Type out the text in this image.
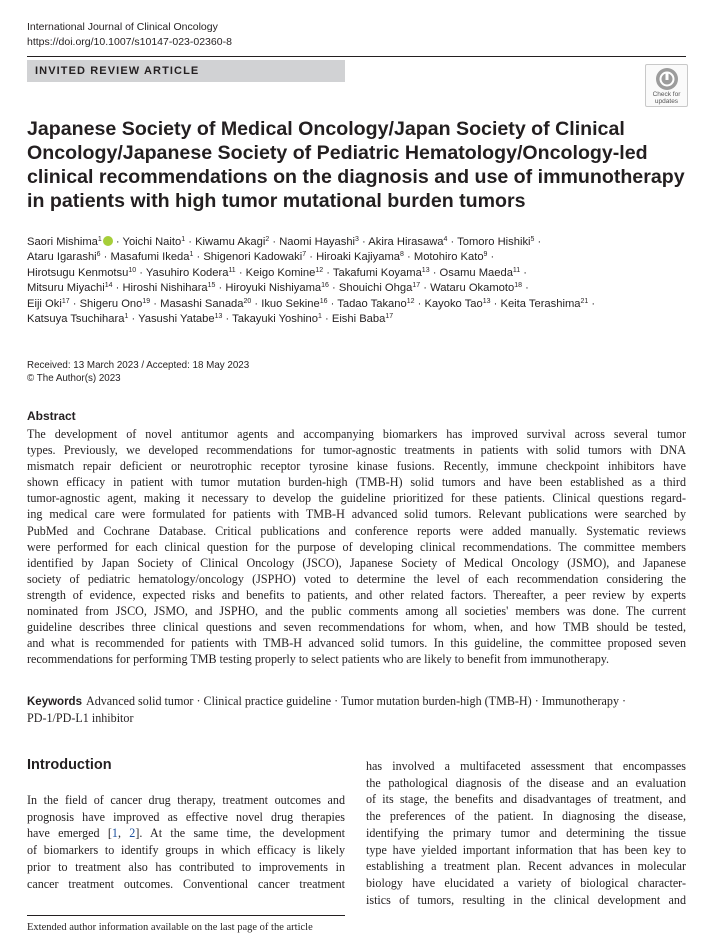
International Journal of Clinical Oncology
https://doi.org/10.1007/s10147-023-02360-8
INVITED REVIEW ARTICLE
Check for
updates
Japanese Society of Medical Oncology/Japan Society of Clinical
Oncology/Japanese Society of Pediatric Hematology/Oncology-led
clinical recommendations on the diagnosis and use of immunotherapy
in patients with high tumor mutational burden tumors
Saori Mishima$^1$ · Yoichi Naito$^1$ · Kiwamu Akagi$^2$ · Naomi Hayashi$^3$ · Akira Hirasawa$^4$ · Tomoro Hishiki$^5$ ·
Ataru Igarashi$^6$ · Masafumi Ikeda$^1$ · Shigenori Kadowaki$^7$ · Hiroaki Kajiyama$^8$ · Motohiro Kato$^9$ ·
Hirotsugu Kenmotsu$^{10}$ · Yasuhiro Kodera$^{11}$ · Keigo Komine$^{12}$ · Takafumi Koyama$^{13}$ · Osamu Maeda$^{11}$ ·
Mitsuru Miyachi$^{14}$ · Hiroshi Nishihara$^{15}$ · Hiroyuki Nishiyama$^{16}$ · Shouichi Ohga$^{17}$ · Wataru Okamoto$^{18}$ ·
Eiji Oki$^{17}$ · Shigeru Ono$^{19}$ · Masashi Sanada$^{20}$ · Ikuo Sekine$^{16}$ · Tadao Takano$^{12}$ · Kayoko Tao$^{13}$ · Keita Terashima$^{21}$ ·
Katsuya Tsuchihara$^1$ · Yasushi Yatabe$^{13}$ · Takayuki Yoshino$^1$ · Eishi Baba$^{17}$
Received: 13 March 2023 / Accepted: 18 May 2023
© The Author(s) 2023
Abstract
The development of novel antitumor agents and accompanying biomarkers has improved survival across several tumor
types. Previously, we developed recommendations for tumor-agnostic treatments in patients with solid tumors with DNA
mismatch repair deficient or neurotrophic receptor tyrosine kinase fusions. Recently, immune checkpoint inhibitors have
shown efficacy in patient with tumor mutation burden-high (TMB-H) solid tumors and have been established as a third
tumor-agnostic agent, making it necessary to develop the guideline prioritized for these patients. Clinical questions regard-
ing medical care were formulated for patients with TMB-H advanced solid tumors. Relevant publications were searched by
PubMed and Cochrane Database. Critical publications and conference reports were added manually. Systematic reviews
were performed for each clinical question for the purpose of developing clinical recommendations. The committee members
identified by Japan Society of Clinical Oncology (JSCO), Japanese Society of Medical Oncology (JSMO), and Japanese
society of pediatric hematology/oncology (JSPHO) voted to determine the level of each recommendation considering the
strength of evidence, expected risks and benefits to patients, and other related factors. Thereafter, a peer review by experts
nominated from JSCO, JSMO, and JSPHO, and the public comments among all societies' members was done. The current
guideline describes three clinical questions and seven recommendations for whom, when, and how TMB should be tested,
and what is recommended for patients with TMB-H advanced solid tumors. In this guideline, the committee proposed seven
recommendations for performing TMB testing properly to select patients who are likely to benefit from immunotherapy.
Keywords Advanced solid tumor · Clinical practice guideline · Tumor mutation burden-high (TMB-H) · Immunotherapy ·
PD-1/PD-L1 inhibitor
Introduction
In the field of cancer drug therapy, treatment outcomes and
prognosis have improved as effective novel drug therapies
have emerged [1, 2]. At the same time, the development
of biomarkers to identify groups in which efficacy is likely
prior to treatment also has contributed to improvements in
cancer treatment outcomes. Conventional cancer treatment
has involved a multifaceted assessment that encompasses
the pathological diagnosis of the disease and an evaluation
of its stage, the benefits and disadvantages of treatment, and
the preferences of the patient. In diagnosing the disease,
identifying the primary tumor and determining the tissue
type have yielded important information that has been key to
establishing a treatment plan. Recent advances in molecular
biology have elucidated a variety of biological character-
istics of tumors, resulting in the clinical development and
Extended author information available on the last page of the article
